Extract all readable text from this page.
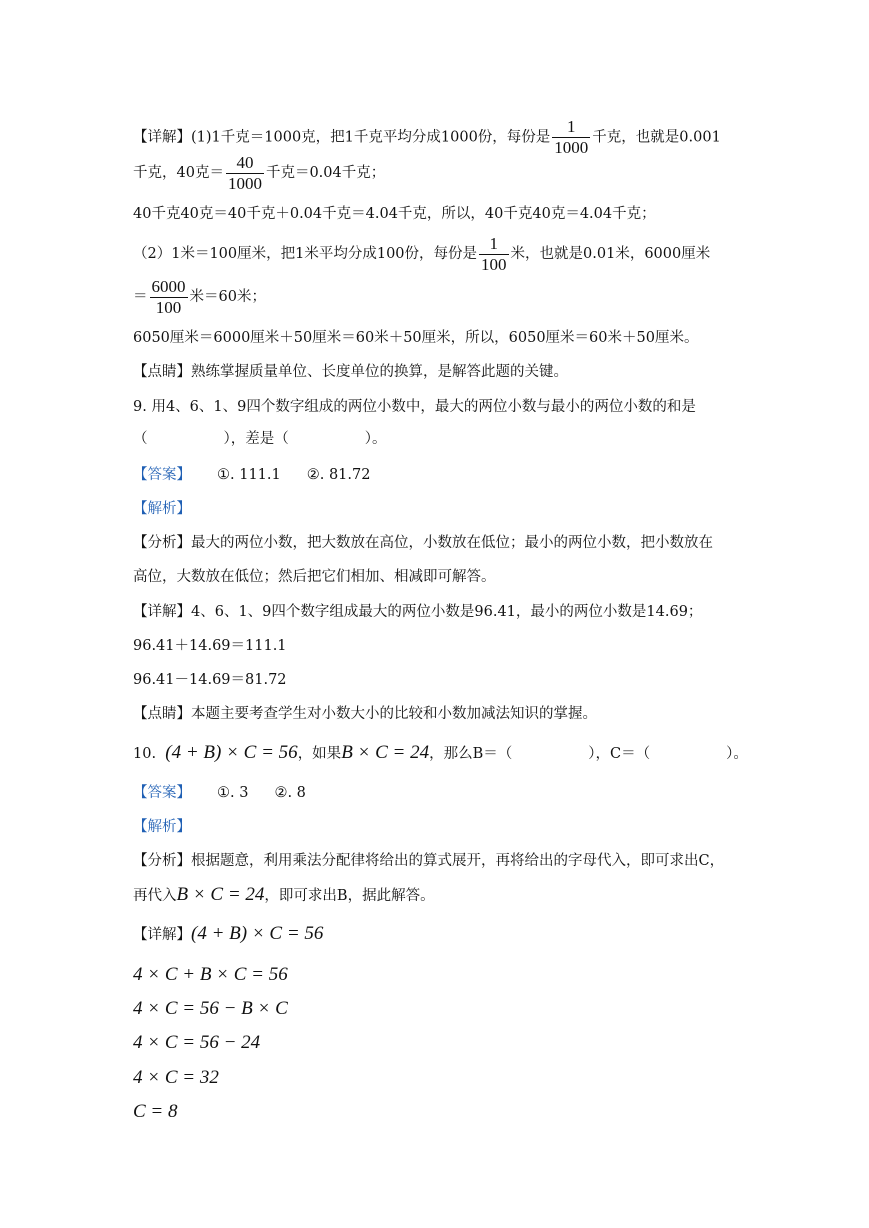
【详解】(1)1千克＝1000克，把1千克平均分成1000份，每份是 $\frac{1}{1000}$ 千克，也就是0.001
千克，40克＝ $\frac{40}{1000}$ 千克＝0.04千克；
40千克40克＝40千克＋0.04千克＝4.04千克，所以，40千克40克＝4.04千克；
（2）1米＝100厘米，把1米平均分成100份，每份是 $\frac{1}{100}$ 米，也就是0.01米，6000厘米
＝ $\frac{6000}{100}$ 米＝60米；
6050厘米＝6000厘米＋50厘米＝60米＋50厘米，所以，6050厘米＝60米＋50厘米。
【点睛】熟练掌握质量单位、长度单位的换算，是解答此题的关键。
9. 用4、6、1、9四个数字组成的两位小数中，最大的两位小数与最小的两位小数的和是
（	），差是（	）。
【答案】 ①. 111.1 ②. 81.72
【解析】
【分析】最大的两位小数，把大数放在高位，小数放在低位；最小的两位小数，把小数放在
高位，大数放在低位；然后把它们相加、相减即可解答。
【详解】4、6、1、9四个数字组成最大的两位小数是96.41，最小的两位小数是14.69；
96.41＋14.69＝111.1
96.41－14.69＝81.72
【点睛】本题主要考查学生对小数大小的比较和小数加减法知识的掌握。
10. (4 + B) × C = 56，如果B × C = 24，那么B＝（	），C＝（	）。
【答案】 ①. 3 ②. 8
【解析】
【分析】根据题意，利用乘法分配律将给出的算式展开，再将给出的字母代入，即可求出C，
再代入B × C = 24，即可求出B，据此解答。
【详解】(4 + B) × C = 56
4 × C + B × C = 56
4 × C = 56 − B × C
4 × C = 56 − 24
4 × C = 32
C = 8
